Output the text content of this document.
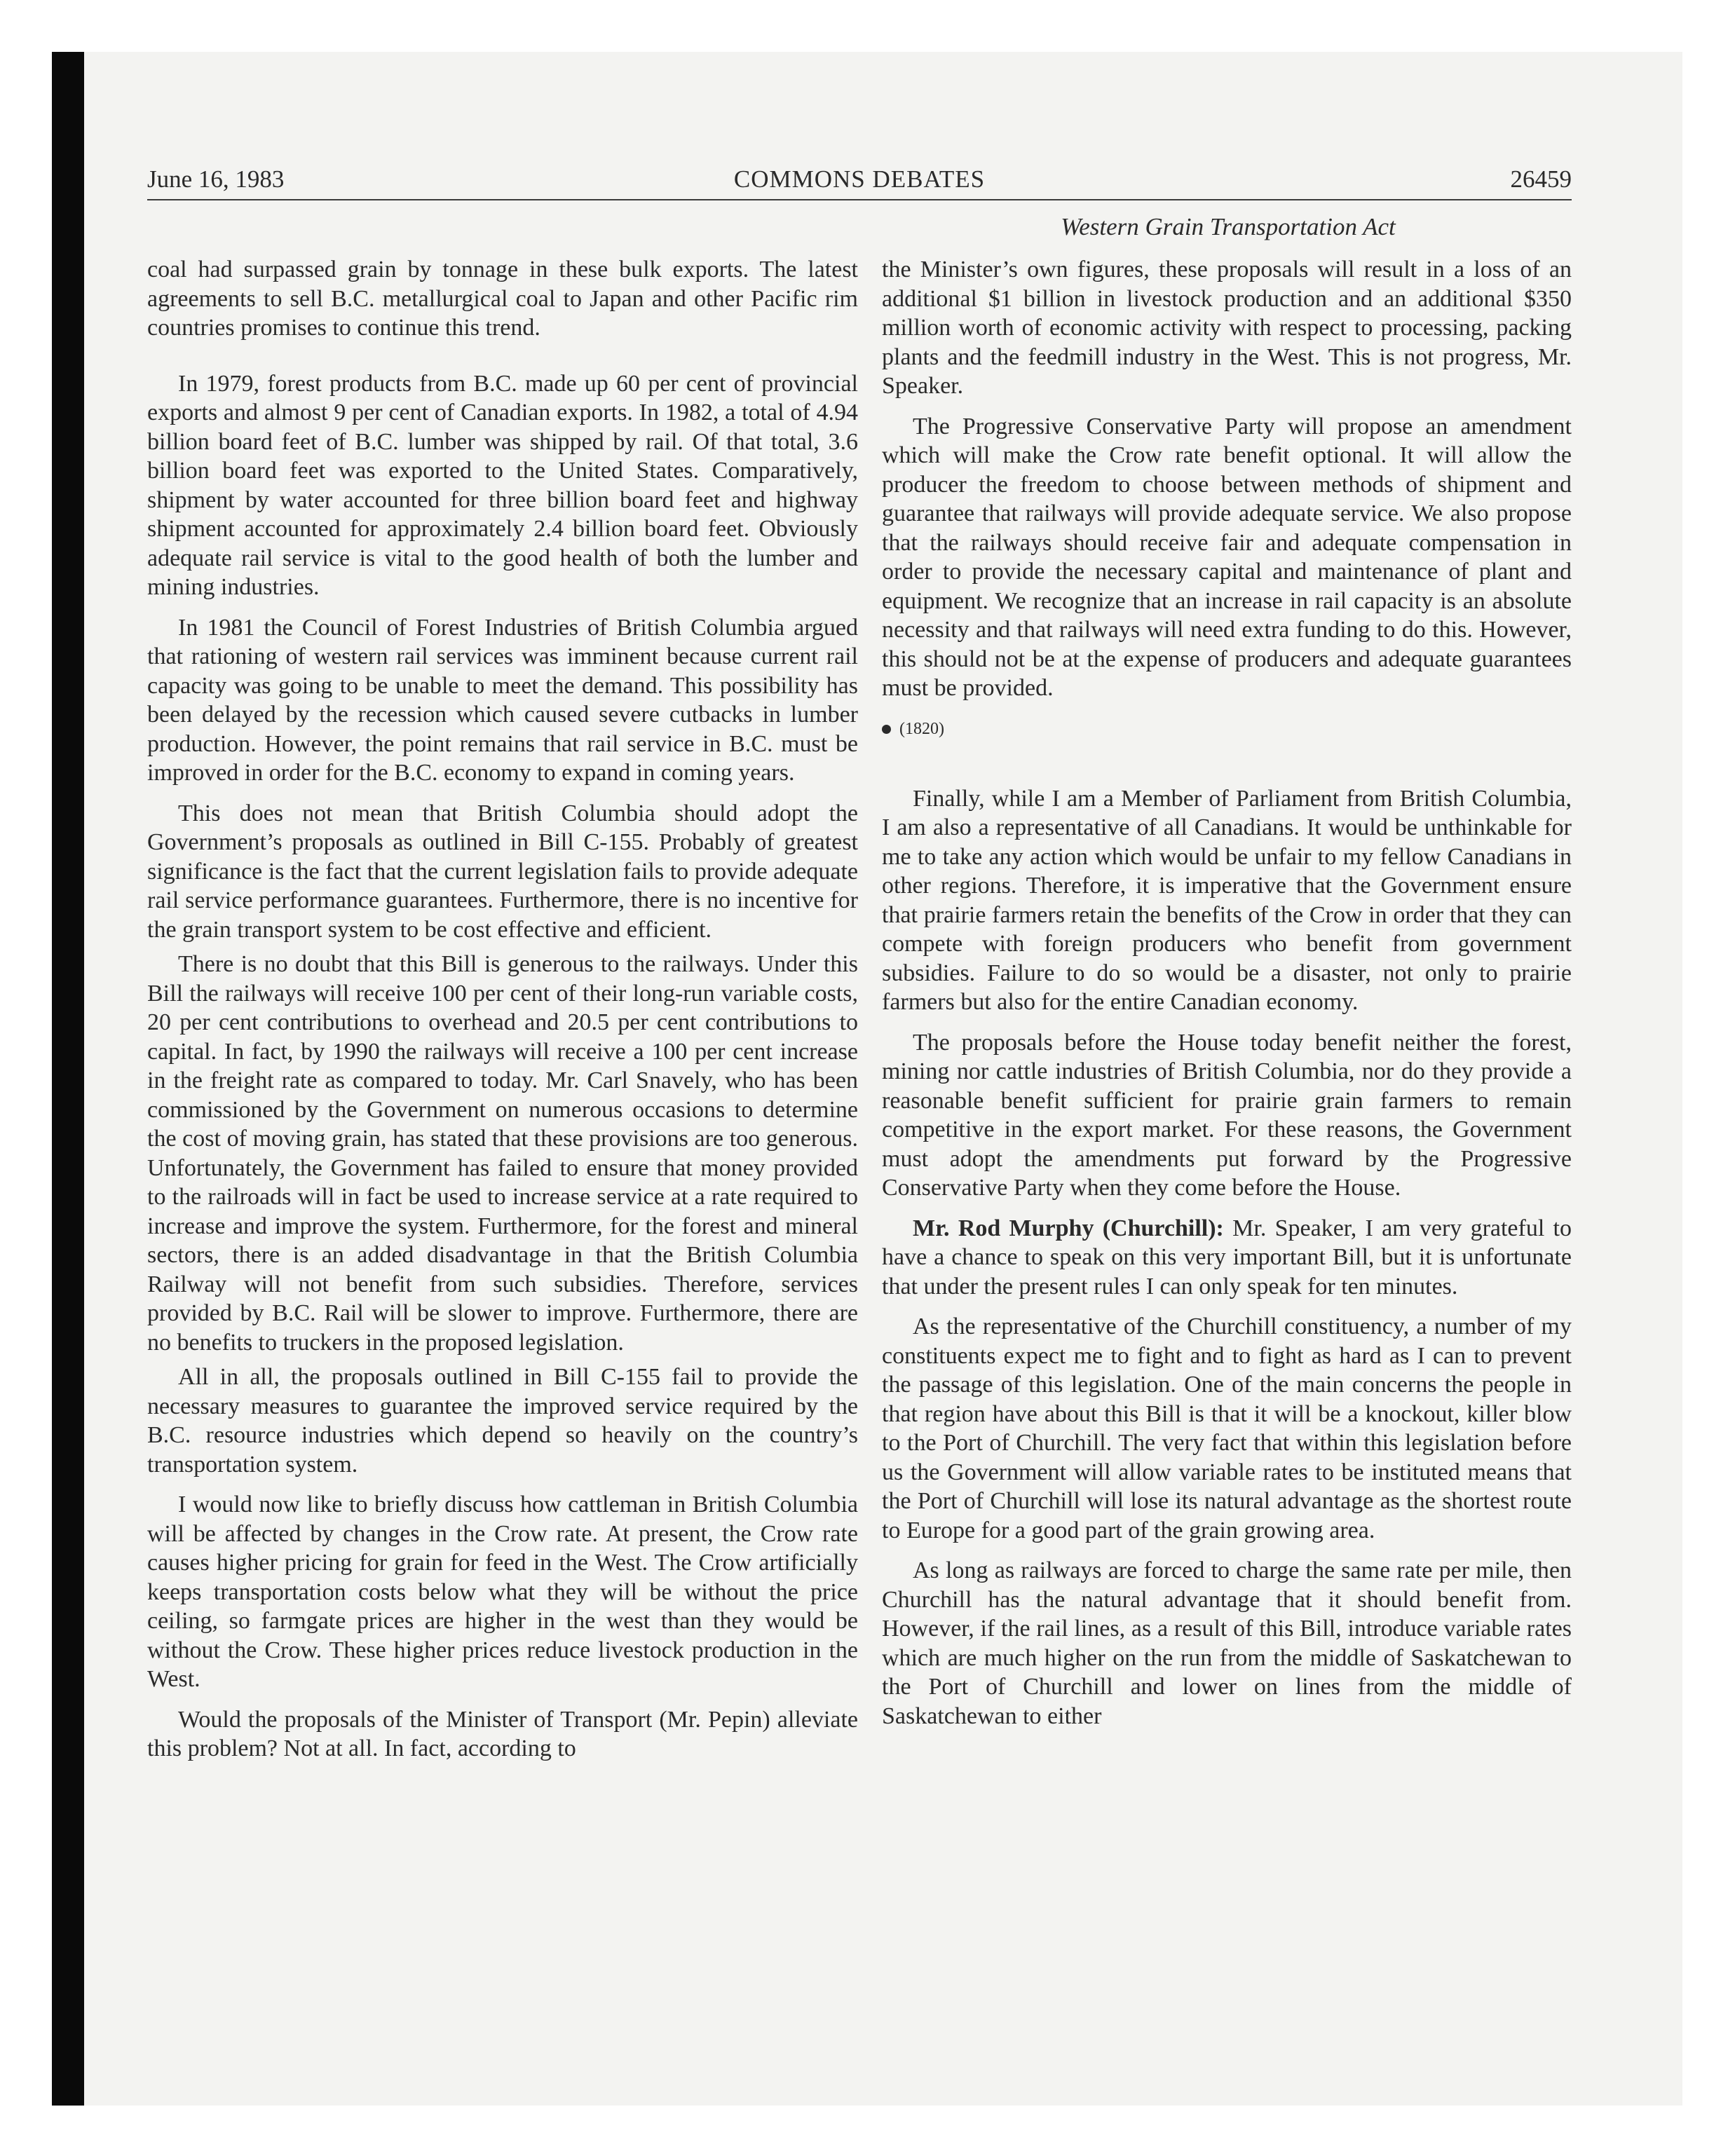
June 16, 1983	COMMONS DEBATES	26459
Western Grain Transportation Act

coal had surpassed grain by tonnage in these bulk exports. The latest agreements to sell B.C. metallurgical coal to Japan and other Pacific rim countries promises to continue this trend.

In 1979, forest products from B.C. made up 60 per cent of provincial exports and almost 9 per cent of Canadian exports. In 1982, a total of 4.94 billion board feet of B.C. lumber was shipped by rail. Of that total, 3.6 billion board feet was exported to the United States. Comparatively, shipment by water accounted for three billion board feet and highway shipment accounted for approximately 2.4 billion board feet. Obviously adequate rail service is vital to the good health of both the lumber and mining industries.

In 1981 the Council of Forest Industries of British Columbia argued that rationing of western rail services was imminent because current rail capacity was going to be unable to meet the demand. This possibility has been delayed by the recession which caused severe cutbacks in lumber production. However, the point remains that rail service in B.C. must be improved in order for the B.C. economy to expand in coming years.

This does not mean that British Columbia should adopt the Government’s proposals as outlined in Bill C-155. Probably of greatest significance is the fact that the current legislation fails to provide adequate rail service performance guarantees. Furthermore, there is no incentive for the grain transport system to be cost effective and efficient.

There is no doubt that this Bill is generous to the railways. Under this Bill the railways will receive 100 per cent of their long-run variable costs, 20 per cent contributions to overhead and 20.5 per cent contributions to capital. In fact, by 1990 the railways will receive a 100 per cent increase in the freight rate as compared to today. Mr. Carl Snavely, who has been commissioned by the Government on numerous occasions to determine the cost of moving grain, has stated that these provisions are too generous. Unfortunately, the Government has failed to ensure that money provided to the railroads will in fact be used to increase service at a rate required to increase and improve the system. Furthermore, for the forest and mineral sectors, there is an added disadvantage in that the British Columbia Railway will not benefit from such subsidies. Therefore, services provided by B.C. Rail will be slower to improve. Furthermore, there are no benefits to truckers in the proposed legislation.

All in all, the proposals outlined in Bill C-155 fail to provide the necessary measures to guarantee the improved service required by the B.C. resource industries which depend so heavily on the country’s transportation system.

I would now like to briefly discuss how cattleman in British Columbia will be affected by changes in the Crow rate. At present, the Crow rate causes higher pricing for grain for feed in the West. The Crow artificially keeps transportation costs below what they will be without the price ceiling, so farmgate prices are higher in the west than they would be without the Crow. These higher prices reduce livestock production in the West.

Would the proposals of the Minister of Transport (Mr. Pepin) alleviate this problem? Not at all. In fact, according to

the Minister’s own figures, these proposals will result in a loss of an additional $1 billion in livestock production and an additional $350 million worth of economic activity with respect to processing, packing plants and the feedmill industry in the West. This is not progress, Mr. Speaker.

The Progressive Conservative Party will propose an amendment which will make the Crow rate benefit optional. It will allow the producer the freedom to choose between methods of shipment and guarantee that railways will provide adequate service. We also propose that the railways should receive fair and adequate compensation in order to provide the necessary capital and maintenance of plant and equipment. We recognize that an increase in rail capacity is an absolute necessity and that railways will need extra funding to do this. However, this should not be at the expense of producers and adequate guarantees must be provided.

(1820)

Finally, while I am a Member of Parliament from British Columbia, I am also a representative of all Canadians. It would be unthinkable for me to take any action which would be unfair to my fellow Canadians in other regions. Therefore, it is imperative that the Government ensure that prairie farmers retain the benefits of the Crow in order that they can compete with foreign producers who benefit from government subsidies. Failure to do so would be a disaster, not only to prairie farmers but also for the entire Canadian economy.

The proposals before the House today benefit neither the forest, mining nor cattle industries of British Columbia, nor do they provide a reasonable benefit sufficient for prairie grain farmers to remain competitive in the export market. For these reasons, the Government must adopt the amendments put forward by the Progressive Conservative Party when they come before the House.

Mr. Rod Murphy (Churchill): Mr. Speaker, I am very grateful to have a chance to speak on this very important Bill, but it is unfortunate that under the present rules I can only speak for ten minutes.

As the representative of the Churchill constituency, a number of my constituents expect me to fight and to fight as hard as I can to prevent the passage of this legislation. One of the main concerns the people in that region have about this Bill is that it will be a knockout, killer blow to the Port of Churchill. The very fact that within this legislation before us the Government will allow variable rates to be instituted means that the Port of Churchill will lose its natural advantage as the shortest route to Europe for a good part of the grain growing area.

As long as railways are forced to charge the same rate per mile, then Churchill has the natural advantage that it should benefit from. However, if the rail lines, as a result of this Bill, introduce variable rates which are much higher on the run from the middle of Saskatchewan to the Port of Churchill and lower on lines from the middle of Saskatchewan to either
